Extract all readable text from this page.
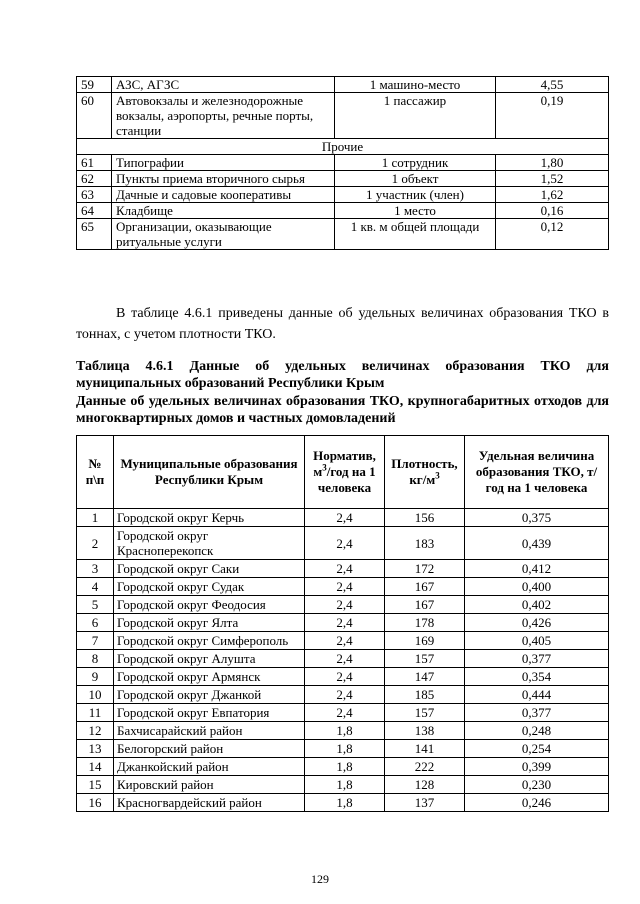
59	АЗС, АГЗС	1 машино-место	4,55
60	Автовокзалы и железнодорожные вокзалы, аэропорты, речные порты, станции	1 пассажир	0,19
Прочие			
61	Типографии	1 сотрудник	1,80
62	Пункты приема вторичного сырья	1 объект	1,52
63	Дачные и садовые кооперативы	1 участник (член)	1,62
64	Кладбище	1 место	0,16
65	Организации, оказывающие ритуальные услуги	1 кв. м общей площади	0,12
В таблице 4.6.1 приведены данные об удельных величинах образования ТКО в тоннах, с учетом плотности ТКО.
Таблица 4.6.1 Данные об удельных величинах образования ТКО для муниципальных образований Республики Крым
Данные об удельных величинах образования ТКО, крупногабаритных отходов для многоквартирных домов и частных домовладений
№
п\п	Муниципальные образования Республики Крым	Норматив, $м^3$/год на 1 человека	Плотность, $кг/м^3$	Удельная величина образования ТКО, т/год на 1 человека
1	Городской округ Керчь	2,4	156	0,375
2	Городской округ Красноперекопск	2,4	183	0,439
3	Городской округ Саки	2,4	172	0,412
4	Городской округ Судак	2,4	167	0,400
5	Городской округ Феодосия	2,4	167	0,402
6	Городской округ Ялта	2,4	178	0,426
7	Городской округ Симферополь	2,4	169	0,405
8	Городской округ Алушта	2,4	157	0,377
9	Городской округ Армянск	2,4	147	0,354
10	Городской округ Джанкой	2,4	185	0,444
11	Городской округ Евпатория	2,4	157	0,377
12	Бахчисарайский район	1,8	138	0,248
13	Белогорский район	1,8	141	0,254
14	Джанкойский район	1,8	222	0,399
15	Кировский район	1,8	128	0,230
16	Красногвардейский район	1,8	137	0,246
129
